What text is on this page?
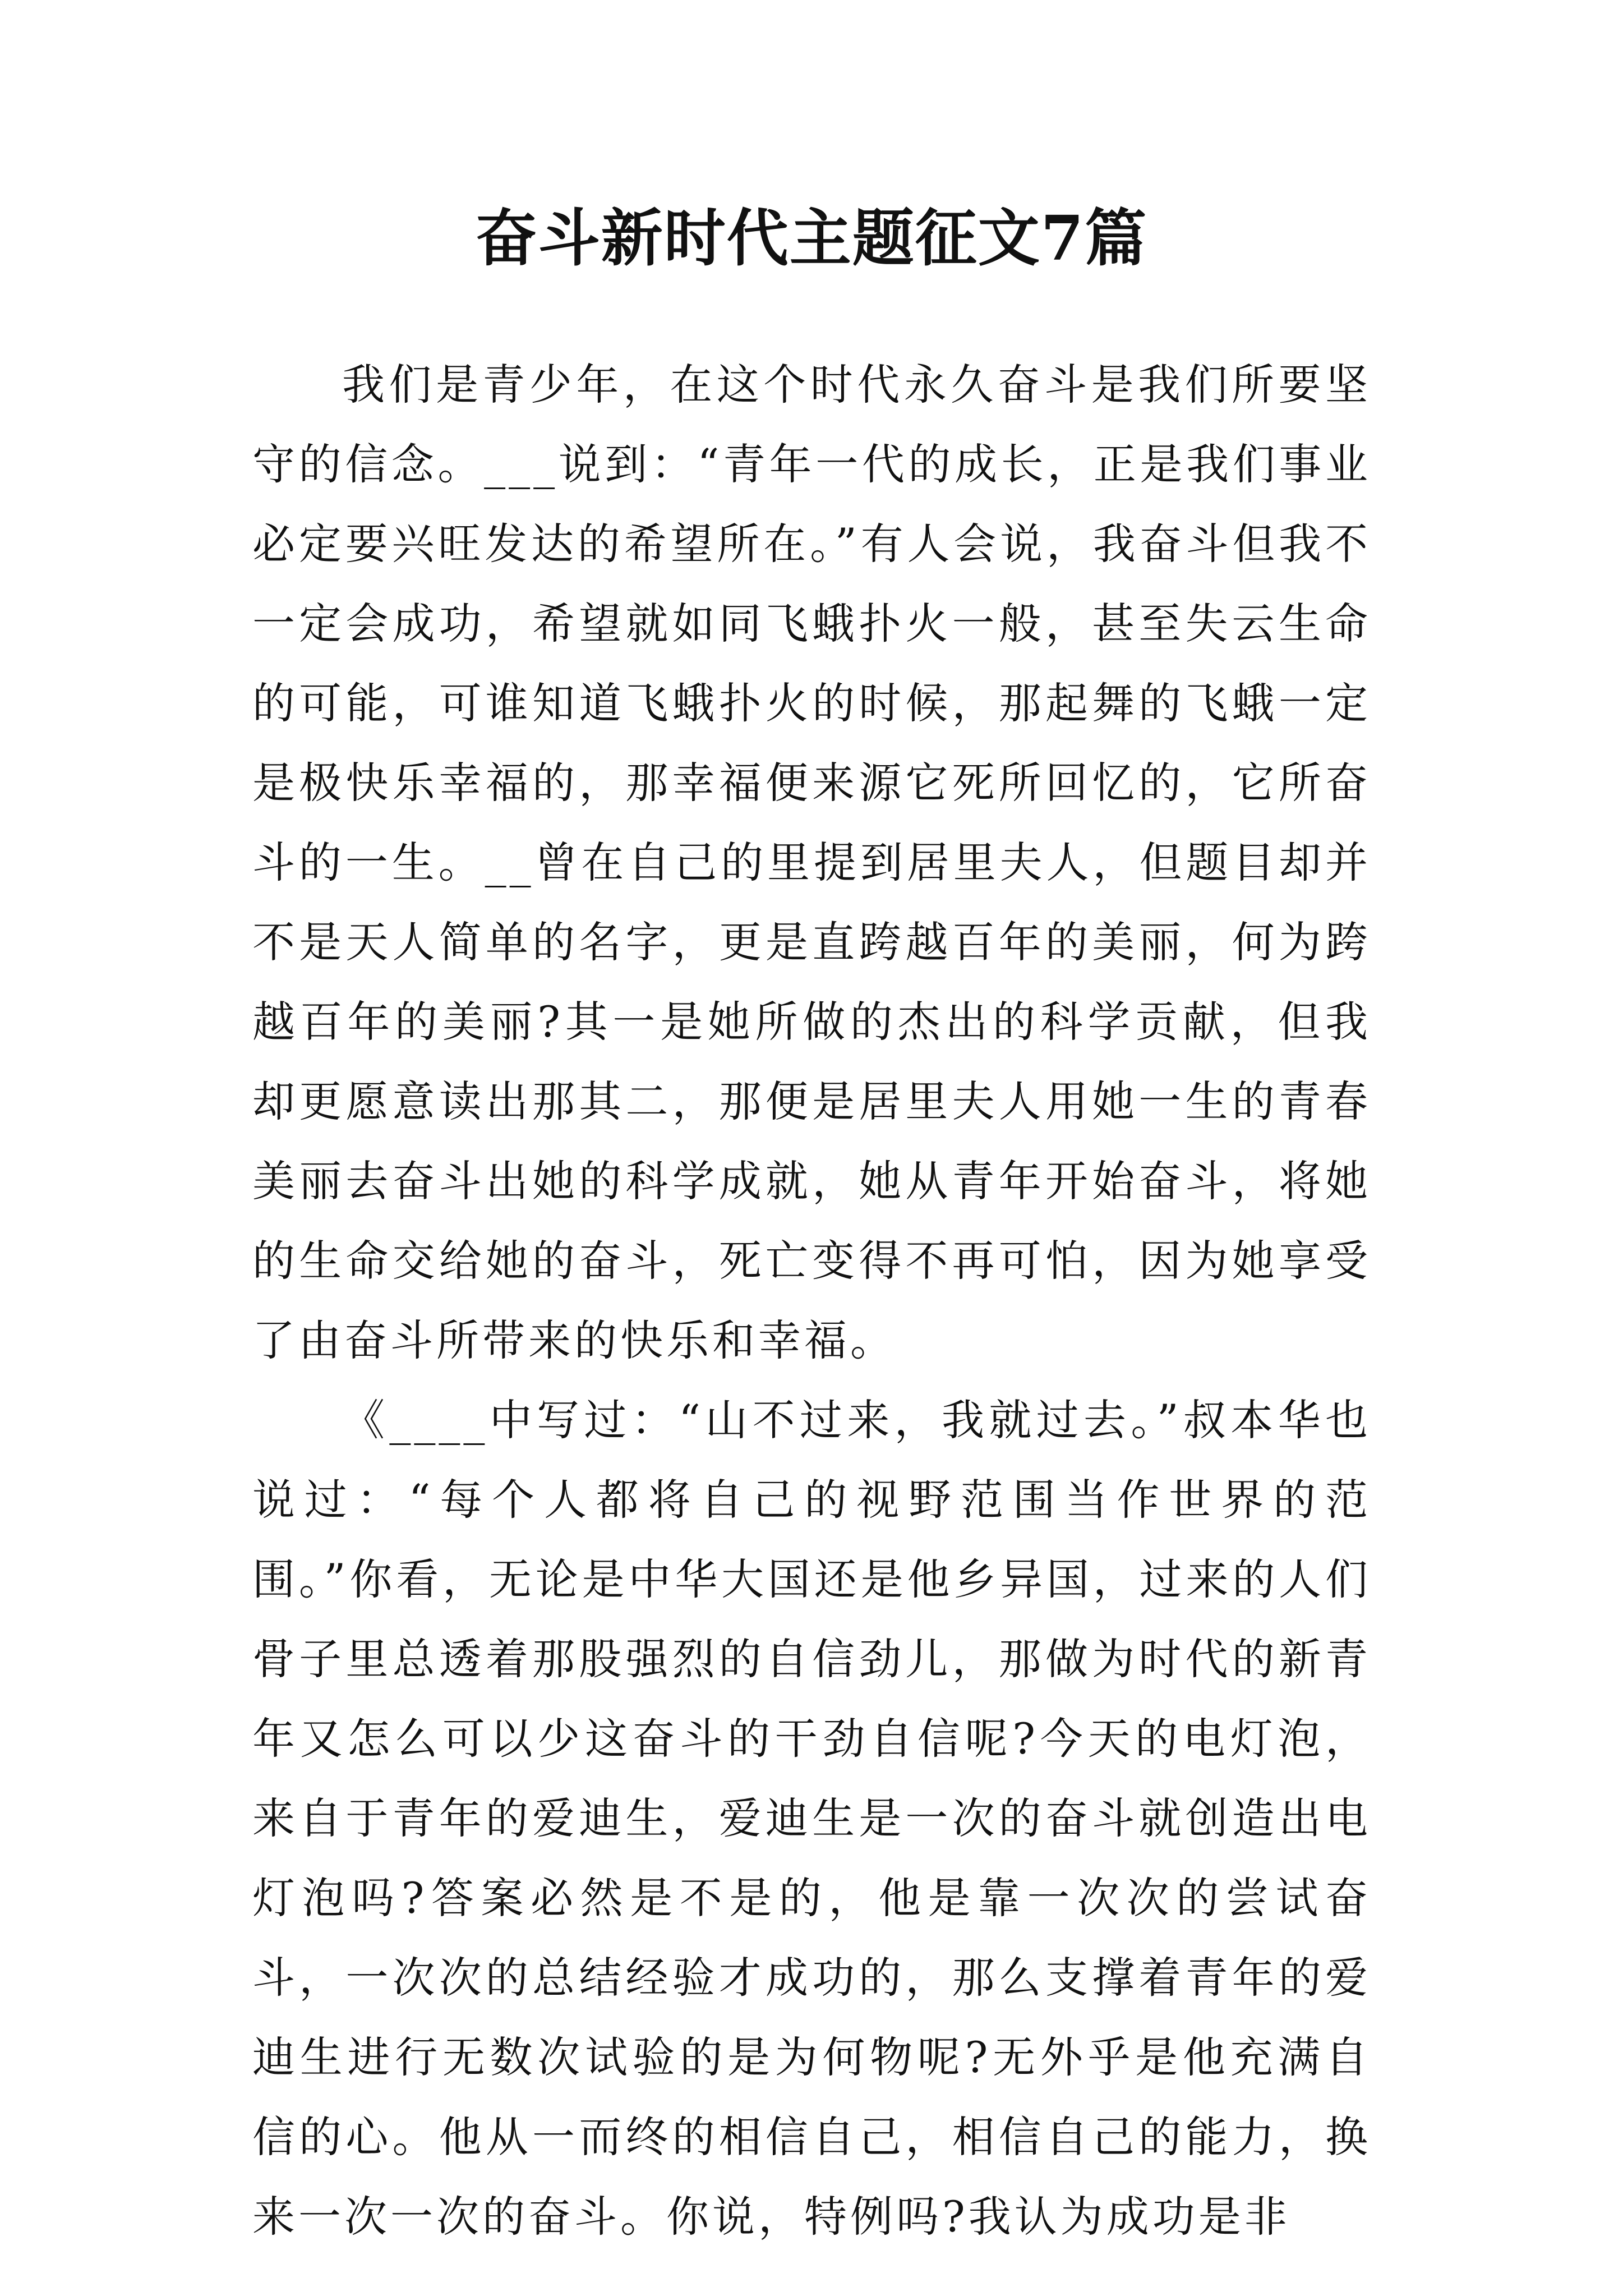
奋斗新时代主题征文7篇

我们是青少年，在这个时代永久奋斗是我们所要坚守的信念。___说到：“青年一代的成长，正是我们事业必定要兴旺发达的希望所在。”有人会说，我奋斗但我不一定会成功，希望就如同飞蛾扑火一般，甚至失云生命的可能，可谁知道飞蛾扑火的时候，那起舞的飞蛾一定是极快乐幸福的，那幸福便来源它死所回忆的，它所奋斗的一生。__曾在自己的里提到居里夫人，但题目却并不是天人简单的名字，更是直跨越百年的美丽，何为跨越百年的美丽?其一是她所做的杰出的科学贡献，但我却更愿意读出那其二，那便是居里夫人用她一生的青春美丽去奋斗出她的科学成就，她从青年开始奋斗，将她的生命交给她的奋斗，死亡变得不再可怕，因为她享受了由奋斗所带来的快乐和幸福。

《____中写过：“山不过来，我就过去。”叔本华也说过：“每个人都将自己的视野范围当作世界的范围。”你看，无论是中华大国还是他乡异国，过来的人们骨子里总透着那股强烈的自信劲儿，那做为时代的新青年又怎么可以少这奋斗的干劲自信呢?今天的电灯泡，来自于青年的爱迪生，爱迪生是一次的奋斗就创造出电灯泡吗?答案必然是不是的，他是靠一次次的尝试奋斗，一次次的总结经验才成功的，那么支撑着青年的爱迪生进行无数次试验的是为何物呢?无外乎是他充满自信的心。他从一而终的相信自己，相信自己的能力，换来一次一次的奋斗。你说，特例吗?我认为成功是非
